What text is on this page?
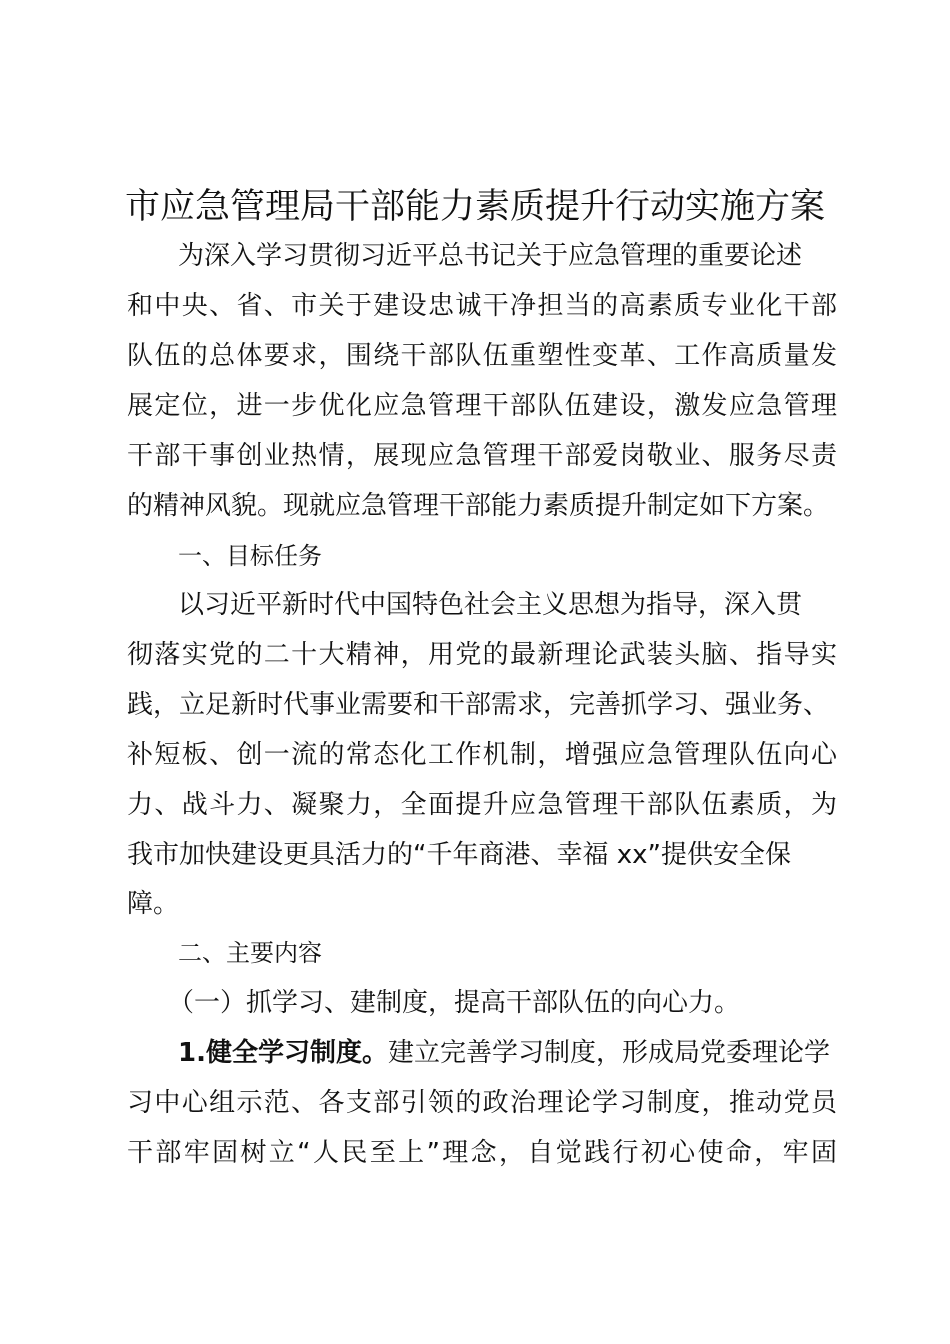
市应急管理局干部能力素质提升行动实施方案
为深入学习贯彻习近平总书记关于应急管理的重要论述
和中央、省、市关于建设忠诚干净担当的高素质专业化干部
队伍的总体要求，围绕干部队伍重塑性变革、工作高质量发
展定位，进一步优化应急管理干部队伍建设，激发应急管理
干部干事创业热情，展现应急管理干部爱岗敬业、服务尽责
的精神风貌。现就应急管理干部能力素质提升制定如下方案。
一、目标任务
以习近平新时代中国特色社会主义思想为指导，深入贯
彻落实党的二十大精神，用党的最新理论武装头脑、指导实
践，立足新时代事业需要和干部需求，完善抓学习、强业务、
补短板、创一流的常态化工作机制，增强应急管理队伍向心
力、战斗力、凝聚力，全面提升应急管理干部队伍素质，为
我市加快建设更具活力的“千年商港、幸福 xx”提供安全保
障。
二、主要内容
（一）抓学习、建制度，提高干部队伍的向心力。
1.健全学习制度。建立完善学习制度，形成局党委理论学
习中心组示范、各支部引领的政治理论学习制度，推动党员
干部牢固树立“人民至上”理念，自觉践行初心使命，牢固
